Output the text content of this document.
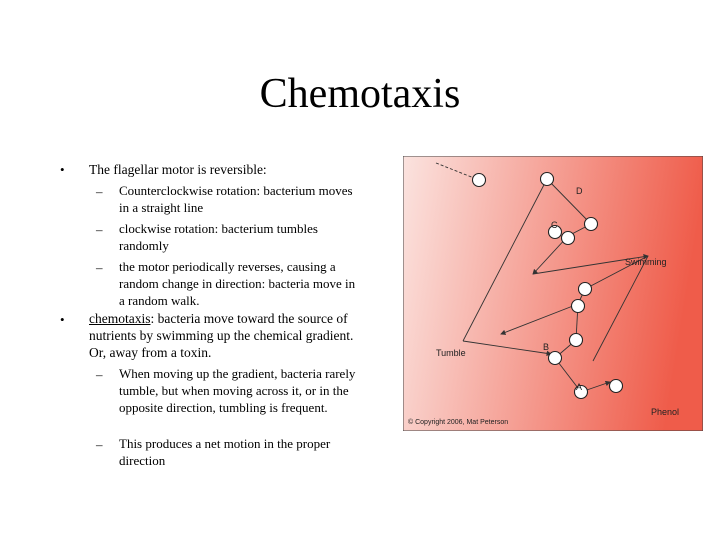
Chemotaxis
• The flagellar motor is reversible:
– Counterclockwise rotation: bacterium moves in a straight line
– clockwise rotation: bacterium tumbles randomly
– the motor periodically reverses, causing a random change in direction: bacteria move in a random walk.
• chemotaxis: bacteria move toward the source of nutrients by swimming up the chemical gradient. Or, away from a toxin.
– When moving up the gradient, bacteria rarely tumble, but when moving across it, or in the opposite direction, tumbling is frequent.
– This produces a net motion in the proper direction
D
C
Swimming
Tumble
B
A
© Copyright 2006, Mat Peterson
Phenol
